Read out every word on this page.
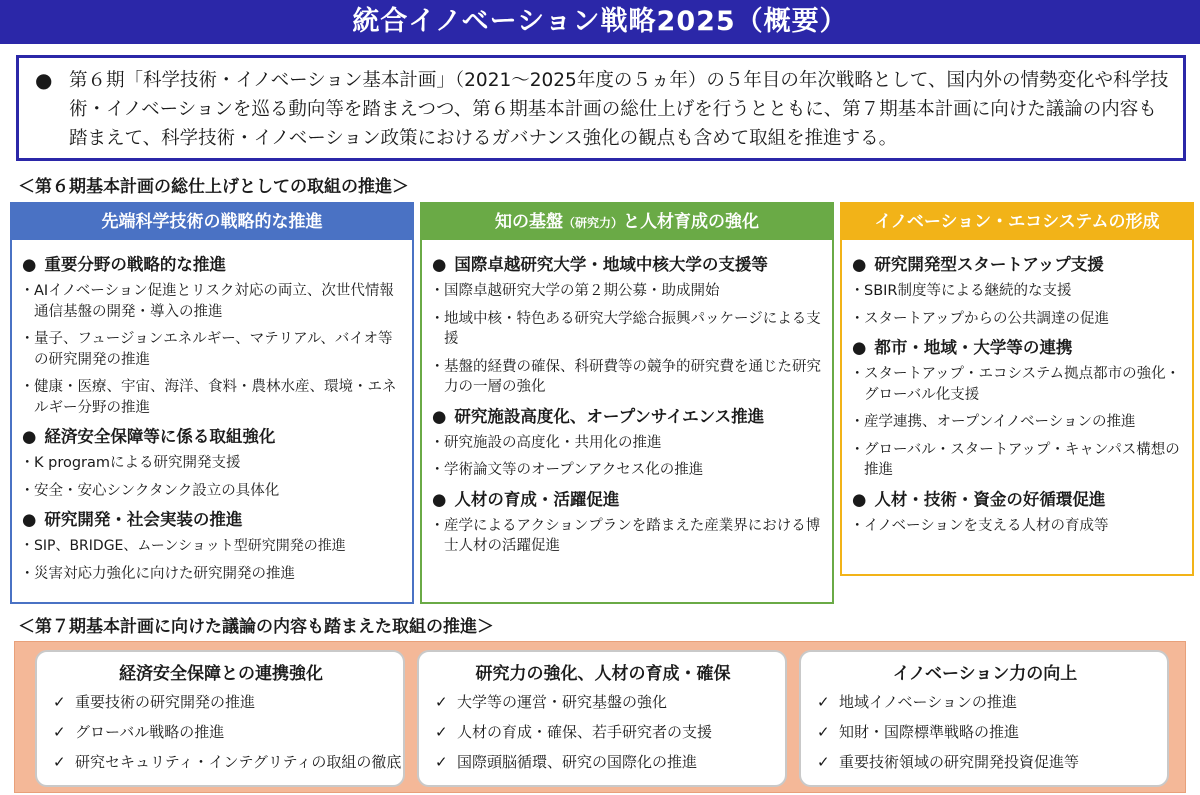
統合イノベーション戦略2025（概要）
● 第６期「科学技術・イノベーション基本計画」（2021～2025年度の５ヵ年）の５年目の年次戦略として、国内外の情勢変化や科学技術・イノベーションを巡る動向等を踏まえつつ、第６期基本計画の総仕上げを行うとともに、第７期基本計画に向けた議論の内容も踏まえて、科学技術・イノベーション政策におけるガバナンス強化の観点も含めて取組を推進する。
＜第６期基本計画の総仕上げとしての取組の推進＞
先端科学技術の戦略的な推進
● 重要分野の戦略的な推進
・ AIイノベーション促進とリスク対応の両立、次世代情報通信基盤の開発・導入の推進
・ 量子、フュージョンエネルギー、マテリアル、バイオ等の研究開発の推進
・ 健康・医療、宇宙、海洋、食料・農林水産、環境・エネルギー分野の推進
● 経済安全保障等に係る取組強化
・ K programによる研究開発支援
・ 安全・安心シンクタンク設立の具体化
● 研究開発・社会実装の推進
・ SIP、BRIDGE、ムーンショット型研究開発の推進
・ 災害対応力強化に向けた研究開発の推進
知の基盤（研究力）と人材育成の強化
● 国際卓越研究大学・地域中核大学の支援等
・ 国際卓越研究大学の第２期公募・助成開始
・ 地域中核・特色ある研究大学総合振興パッケージによる支援
・ 基盤的経費の確保、科研費等の競争的研究費を通じた研究力の一層の強化
● 研究施設高度化、オープンサイエンス推進
・ 研究施設の高度化・共用化の推進
・ 学術論文等のオープンアクセス化の推進
● 人材の育成・活躍促進
・ 産学によるアクションプランを踏まえた産業界における博士人材の活躍促進
イノベーション・エコシステムの形成
● 研究開発型スタートアップ支援
・ SBIR制度等による継続的な支援
・ スタートアップからの公共調達の促進
● 都市・地域・大学等の連携
・ スタートアップ・エコシステム拠点都市の強化・グローバル化支援
・ 産学連携、オープンイノベーションの推進
・ グローバル・スタートアップ・キャンパス構想の推進
● 人材・技術・資金の好循環促進
・ イノベーションを支える人材の育成等
＜第７期基本計画に向けた議論の内容も踏まえた取組の推進＞
経済安全保障との連携強化
✓ 重要技術の研究開発の推進
✓ グローバル戦略の推進
✓ 研究セキュリティ・インテグリティの取組の徹底
研究力の強化、人材の育成・確保
✓ 大学等の運営・研究基盤の強化
✓ 人材の育成・確保、若手研究者の支援
✓ 国際頭脳循環、研究の国際化の推進
イノベーション力の向上
✓ 地域イノベーションの推進
✓ 知財・国際標準戦略の推進
✓ 重要技術領域の研究開発投資促進等
